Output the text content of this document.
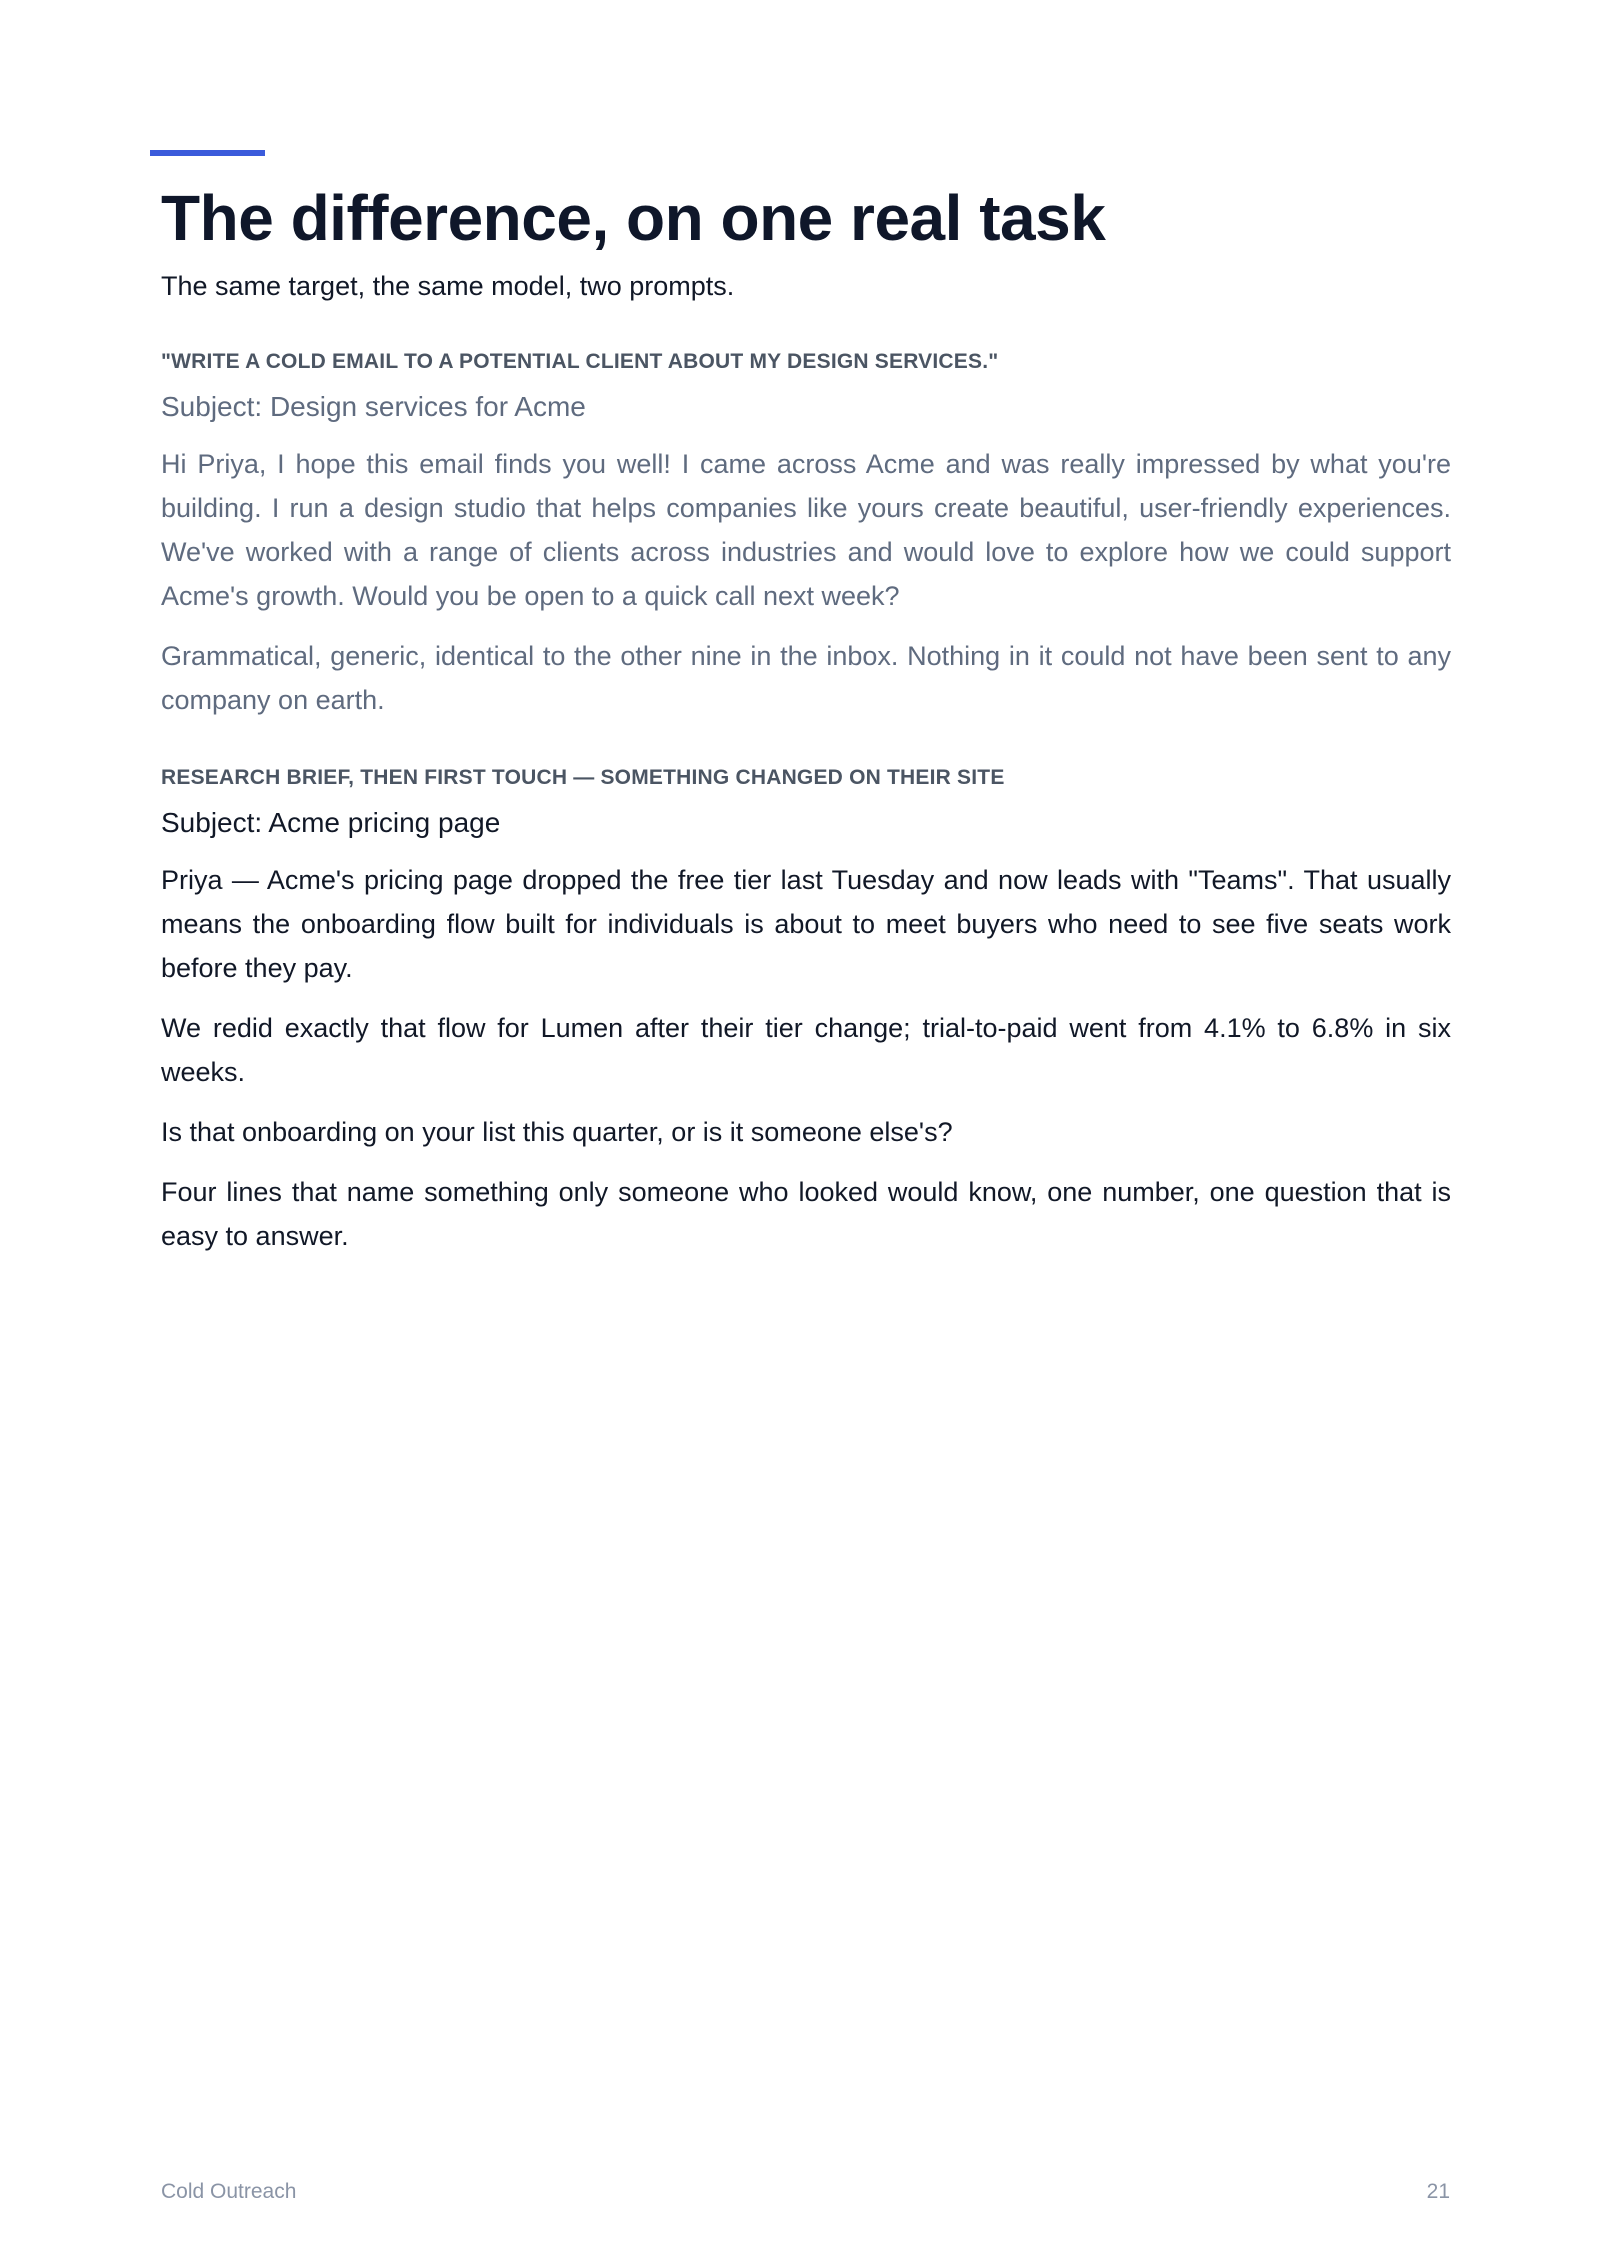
The difference, on one real task

The same target, the same model, two prompts.

"WRITE A COLD EMAIL TO A POTENTIAL CLIENT ABOUT MY DESIGN SERVICES."

Subject: Design services for Acme

Hi Priya, I hope this email finds you well! I came across Acme and was really impressed by what you're building. I run a design studio that helps companies like yours create beautiful, user-friendly experiences. We've worked with a range of clients across industries and would love to explore how we could support Acme's growth. Would you be open to a quick call next week?

Grammatical, generic, identical to the other nine in the inbox. Nothing in it could not have been sent to any company on earth.

RESEARCH BRIEF, THEN FIRST TOUCH — SOMETHING CHANGED ON THEIR SITE

Subject: Acme pricing page

Priya — Acme's pricing page dropped the free tier last Tuesday and now leads with "Teams". That usually means the onboarding flow built for individuals is about to meet buyers who need to see five seats work before they pay.

We redid exactly that flow for Lumen after their tier change; trial-to-paid went from 4.1% to 6.8% in six weeks.

Is that onboarding on your list this quarter, or is it someone else's?

Four lines that name something only someone who looked would know, one number, one question that is easy to answer.

Cold Outreach	21
